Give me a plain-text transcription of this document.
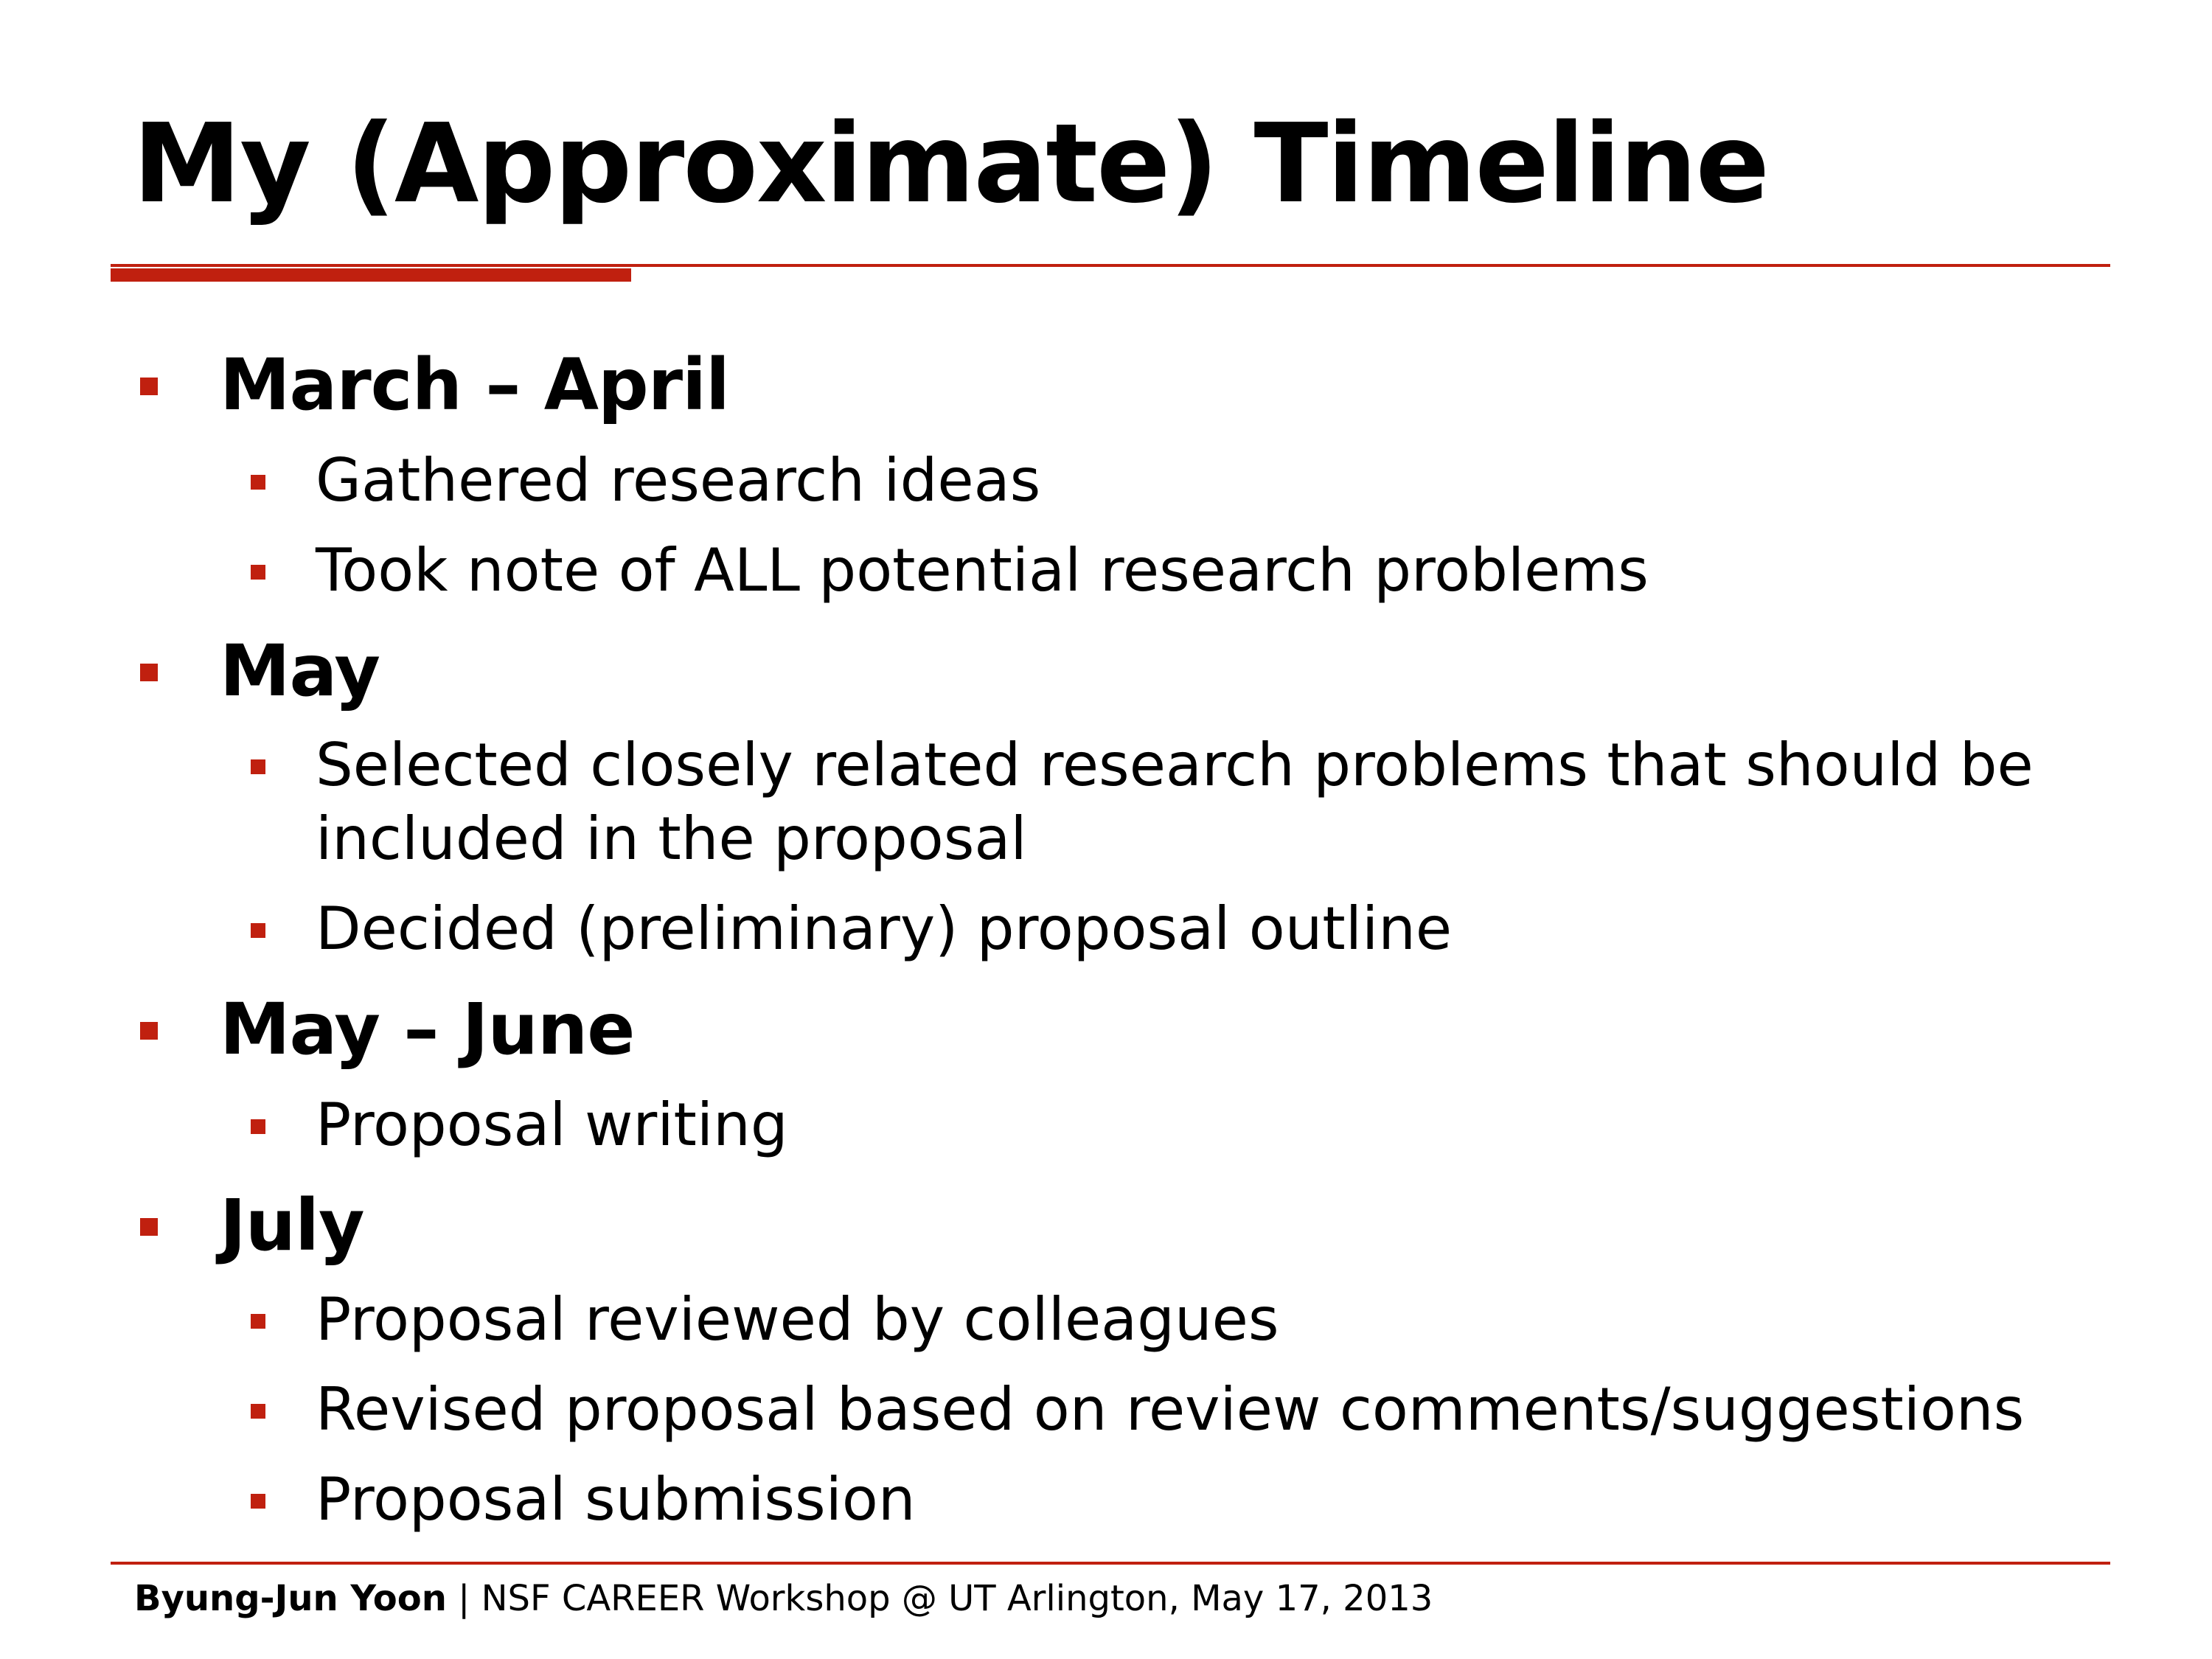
My (Approximate) Timeline
March – April
Gathered research ideas
Took note of ALL potential research problems
May
Selected closely related research problems that should be included in the proposal
Decided (preliminary) proposal outline
May – June
Proposal writing
July
Proposal reviewed by colleagues
Revised proposal based on review comments/suggestions
Proposal submission
Byung-Jun Yoon | NSF CAREER Workshop @ UT Arlington, May 17, 2013
